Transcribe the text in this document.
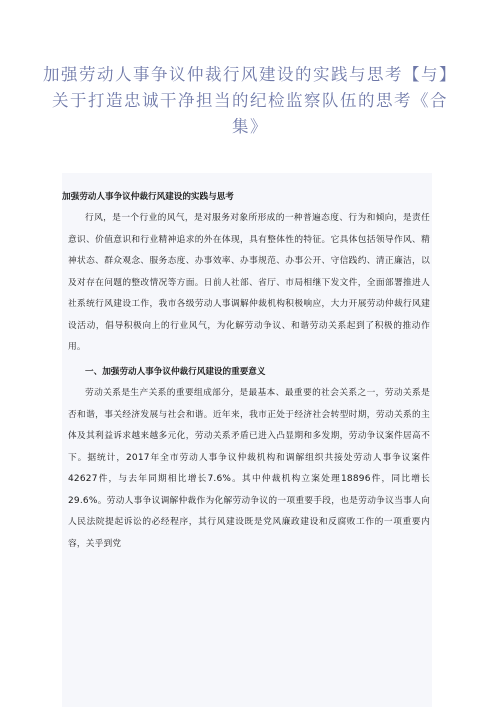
加强劳动人事争议仲裁行风建设的实践与思考【与】关于打造忠诚干净担当的纪检监察队伍的思考《合集》
加强劳动人事争议仲裁行风建设的实践与思考
行风，是一个行业的风气，是对服务对象所形成的一种普遍态度、行为和倾向，是责任意识、价值意识和行业精神追求的外在体现，具有整体性的特征。它具体包括领导作风、精神状态、群众观念、服务态度、办事效率、办事规范、办事公开、守信践约、清正廉洁，以及对存在问题的整改情况等方面。日前人社部、省厅、市局相继下发文件，全面部署推进人社系统行风建设工作，我市各级劳动人事调解仲裁机构积极响应，大力开展劳动仲裁行风建设活动，倡导积极向上的行业风气，为化解劳动争议、和谐劳动关系起到了积极的推动作用。
一、加强劳动人事争议仲裁行风建设的重要意义
劳动关系是生产关系的重要组成部分，是最基本、最重要的社会关系之一，劳动关系是否和谐，事关经济发展与社会和谐。近年来，我市正处于经济社会转型时期，劳动关系的主体及其利益诉求越来越多元化，劳动关系矛盾已进入凸显期和多发期，劳动争议案件居高不下。据统计，2017年全市劳动人事争议仲裁机构和调解组织共接处劳动人事争议案件42627件，与去年同期相比增长7.6%。其中仲裁机构立案处理18896件，同比增长29.6%。劳动人事争议调解仲裁作为化解劳动争议的一项重要手段，也是劳动争议当事人向人民法院提起诉讼的必经程序，其行风建设既是党风廉政建设和反腐败工作的一项重要内容，关乎到党
